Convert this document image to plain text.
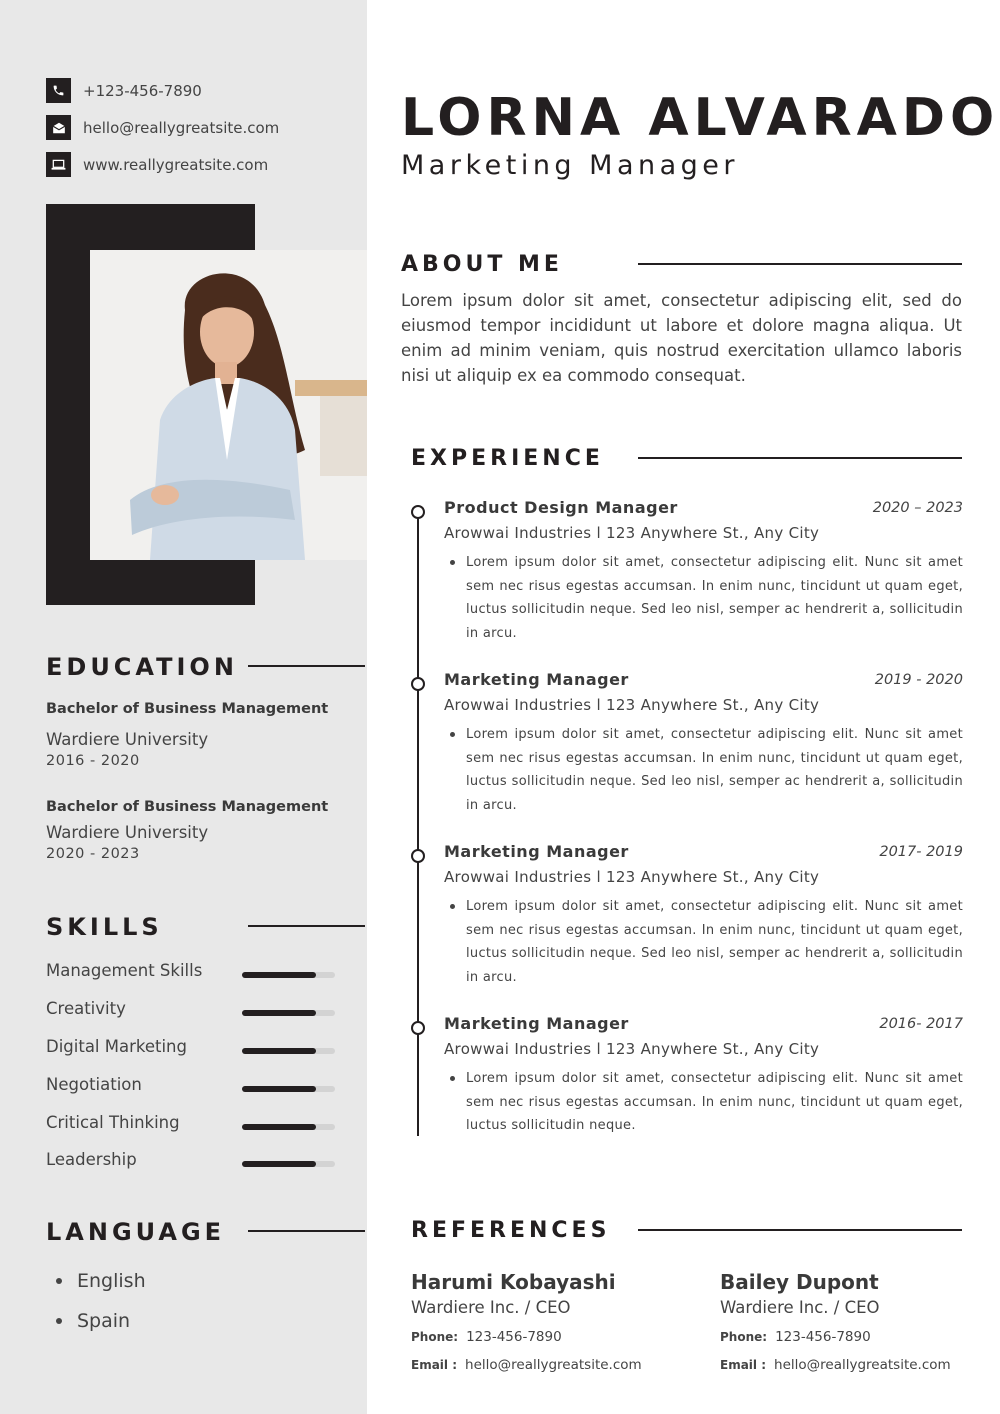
+123-456-7890
hello@reallygreatsite.com
www.reallygreatsite.com
EDUCATION
Bachelor of Business Management
Wardiere University
2016 - 2020
Bachelor of Business Management
Wardiere University
2020 - 2023
SKILLS
Management Skills
Creativity
Digital Marketing
Negotiation
Critical Thinking
Leadership
LANGUAGE
English
Spain
LORNA ALVARADO
Marketing Manager
ABOUT ME
Lorem ipsum dolor sit amet, consectetur adipiscing elit, sed do eiusmod tempor incididunt ut labore et dolore magna aliqua. Ut enim ad minim veniam, quis nostrud exercitation ullamco laboris nisi ut aliquip ex ea commodo consequat.
EXPERIENCE
Product Design Manager	2020 – 2023
Arowwai Industries l 123 Anywhere St., Any City
Lorem ipsum dolor sit amet, consectetur adipiscing elit. Nunc sit amet sem nec risus egestas accumsan. In enim nunc, tincidunt ut quam eget, luctus sollicitudin neque. Sed leo nisl, semper ac hendrerit a, sollicitudin in arcu.
Marketing Manager	2019 - 2020
Arowwai Industries l 123 Anywhere St., Any City
Lorem ipsum dolor sit amet, consectetur adipiscing elit. Nunc sit amet sem nec risus egestas accumsan. In enim nunc, tincidunt ut quam eget, luctus sollicitudin neque. Sed leo nisl, semper ac hendrerit a, sollicitudin in arcu.
Marketing Manager	2017- 2019
Arowwai Industries l 123 Anywhere St., Any City
Lorem ipsum dolor sit amet, consectetur adipiscing elit. Nunc sit amet sem nec risus egestas accumsan. In enim nunc, tincidunt ut quam eget, luctus sollicitudin neque. Sed leo nisl, semper ac hendrerit a, sollicitudin in arcu.
Marketing Manager	2016- 2017
Arowwai Industries l 123 Anywhere St., Any City
Lorem ipsum dolor sit amet, consectetur adipiscing elit. Nunc sit amet sem nec risus egestas accumsan. In enim nunc, tincidunt ut quam eget, luctus sollicitudin neque.
REFERENCES
Harumi Kobayashi
Wardiere Inc. / CEO
Phone: 123-456-7890
Email : hello@reallygreatsite.com
Bailey Dupont
Wardiere Inc. / CEO
Phone: 123-456-7890
Email : hello@reallygreatsite.com
